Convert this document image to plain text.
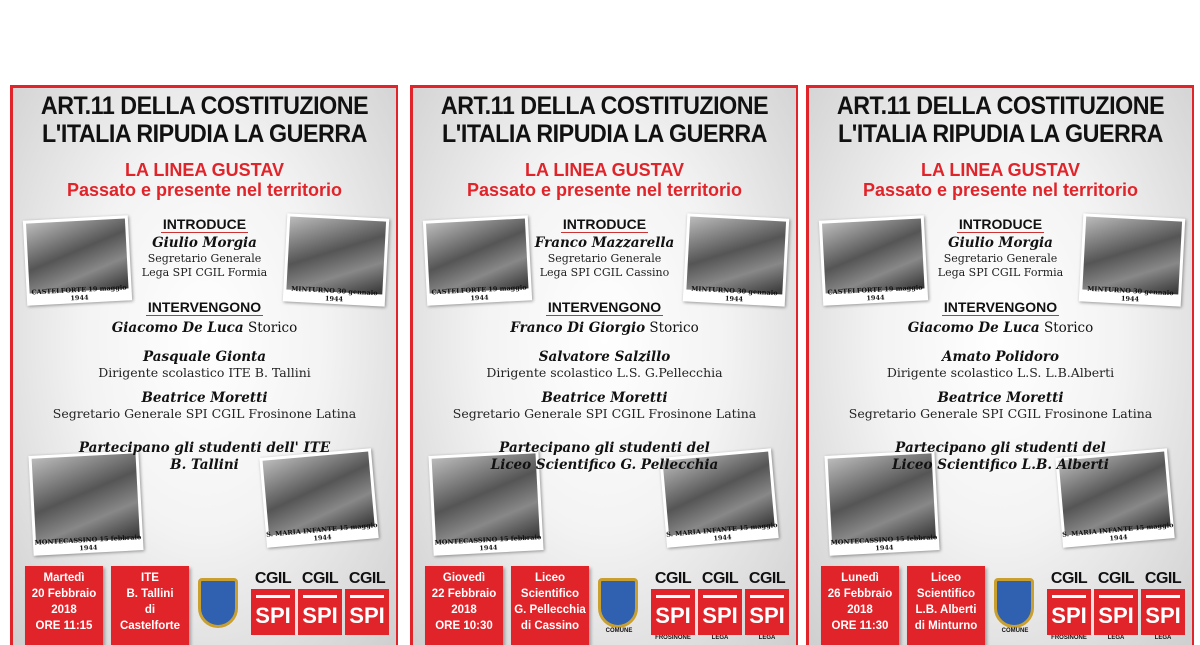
ART.11 DELLA COSTITUZIONE
L'ITALIA RIPUDIA LA GUERRA
LA LINEA GUSTAV
Passato e presente nel territorio
CASTELFORTE 19 maggio 1944
MINTURNO 30 gennaio 1944
MONTECASSINO 15 febbraio 1944
S. MARIA INFANTE 15 maggio 1944
INTRODUCE
Giulio Morgia
Segretario Generale
Lega SPI CGIL Formia
INTERVENGONO
Giacomo De Luca Storico
Pasquale Gionta
Dirigente scolastico ITE B. Tallini
Beatrice Moretti
Segretario Generale SPI CGIL Frosinone Latina
Partecipano gli studenti dell' ITE
B. Tallini
Martedì
20 Febbraio
2018
ORE 11:15
ITE
B. Tallini
di
Castelforte
CGIL
SPI
CGIL
SPI
CGIL
SPI
ART.11 DELLA COSTITUZIONE
L'ITALIA RIPUDIA LA GUERRA
LA LINEA GUSTAV
Passato e presente nel territorio
CASTELFORTE 19 maggio 1944
MINTURNO 30 gennaio 1944
MONTECASSINO 15 febbraio 1944
S. MARIA INFANTE 15 maggio 1944
INTRODUCE
Franco Mazzarella
Segretario Generale
Lega SPI CGIL Cassino
INTERVENGONO
Franco Di Giorgio Storico
Salvatore Salzillo
Dirigente scolastico L.S. G.Pellecchia
Beatrice Moretti
Segretario Generale SPI CGIL Frosinone Latina
Partecipano gli studenti del
Liceo Scientifico G. Pellecchia
Giovedì
22 Febbraio
2018
ORE 10:30
Liceo
Scientifico
G. Pellecchia
di Cassino	COMUNE
CGIL
SPI
FROSINONE
CGIL
SPI
LEGA
CGIL
SPI
LEGA
ART.11 DELLA COSTITUZIONE
L'ITALIA RIPUDIA LA GUERRA
LA LINEA GUSTAV
Passato e presente nel territorio
CASTELFORTE 19 maggio 1944
MINTURNO 30 gennaio 1944
MONTECASSINO 15 febbraio 1944
S. MARIA INFANTE 15 maggio 1944
INTRODUCE
Giulio Morgia
Segretario Generale
Lega SPI CGIL Formia
INTERVENGONO
Giacomo De Luca Storico
Amato Polidoro
Dirigente scolastico L.S. L.B.Alberti
Beatrice Moretti
Segretario Generale SPI CGIL Frosinone Latina
Partecipano gli studenti del
Liceo Scientifico L.B. Alberti
Lunedì
26 Febbraio
2018
ORE 11:30
Liceo
Scientifico
L.B. Alberti
di Minturno	COMUNE
CGIL
SPI
FROSINONE
CGIL
SPI
LEGA
CGIL
SPI
LEGA
